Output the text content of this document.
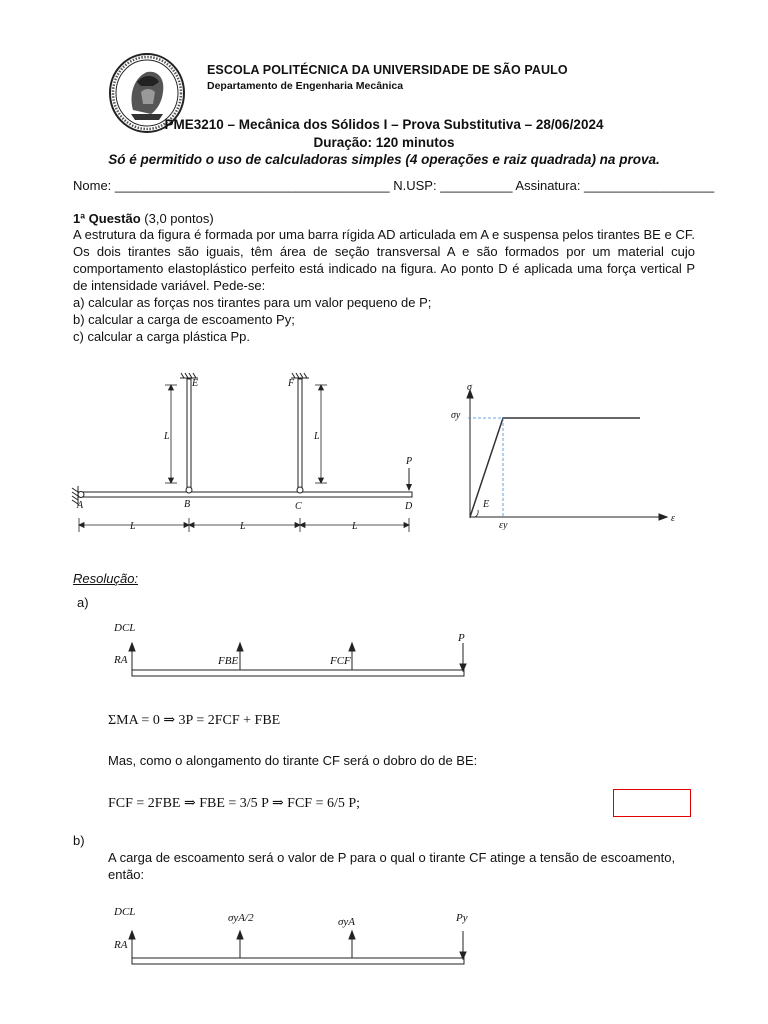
ESCOLA POLITÉCNICA DA UNIVERSIDADE DE SÃO PAULO
Departamento de Engenharia Mecânica
PME3210 – Mecânica dos Sólidos I – Prova Substitutiva – 28/06/2024
Duração: 120 minutos
Só é permitido o uso de calculadoras simples (4 operações e raiz quadrada) na prova.
Nome: ______________________________________ N.USP: __________ Assinatura: __________________
1ª Questão (3,0 pontos)
A estrutura da figura é formada por uma barra rígida AD articulada em A e suspensa pelos tirantes BE e CF. Os dois tirantes são iguais, têm área de seção transversal A e são formados por um material cujo comportamento elastoplástico perfeito está indicado na figura. Ao ponto D é aplicada uma força vertical P de intensidade variável. Pede-se:
a) calcular as forças nos tirantes para um valor pequeno de P;
b) calcular a carga de escoamento Py;
c) calcular a carga plástica Pp.
E	F
A	B	C	D
P
L	L
L	L	L
σ
ε
σy
εy
E
Resolução:
a)
DCL
RA	FBE	FCF
P
ΣMA = 0 ⇒ 3P = 2FCF + FBE
Mas, como o alongamento do tirante CF será o dobro do de BE:
FCF = 2FBE ⇒ FBE = 3/5 P ⇒ FCF = 6/5 P;
b)
A carga de escoamento será o valor de P para o qual o tirante CF atinge a tensão de escoamento, então:
DCL
RA
σyA/2	σyA	Py
